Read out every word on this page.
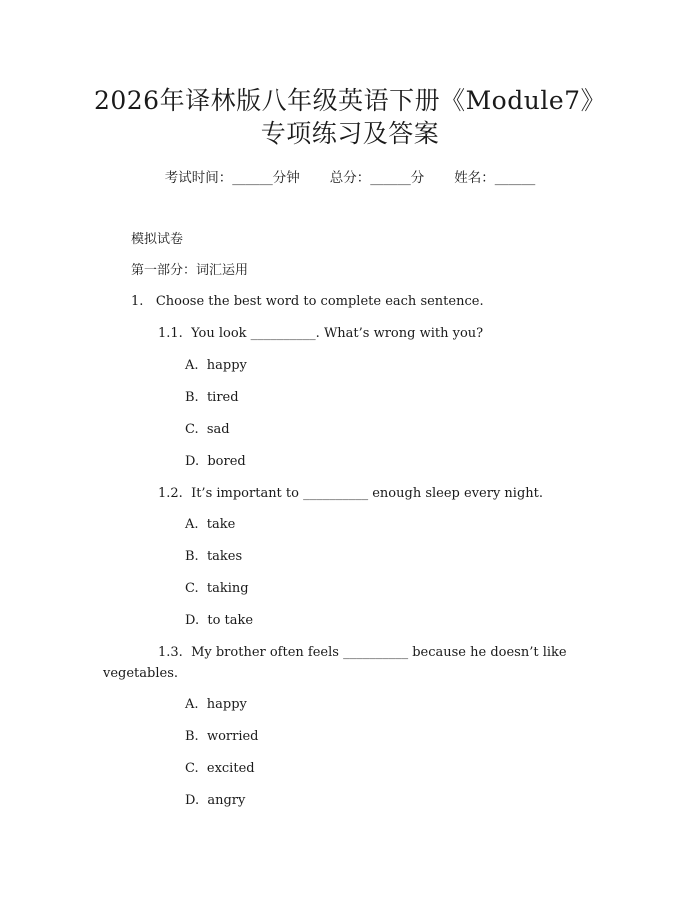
2026年译林版八年级英语下册《Module7》
专项练习及答案
考试时间：______分钟 总分：______分 姓名：______
模拟试卷
第一部分：词汇运用
1. Choose the best word to complete each sentence.
1.1.  You look __________. What’s wrong with you?
A.  happy
B.  tired
C.  sad
D.  bored
1.2.  It’s important to __________ enough sleep every night.
A.  take
B.  takes
C.  taking
D.  to take
1.3.  My brother often feels __________ because he doesn’t like
vegetables.
A.  happy
B.  worried
C.  excited
D.  angry
